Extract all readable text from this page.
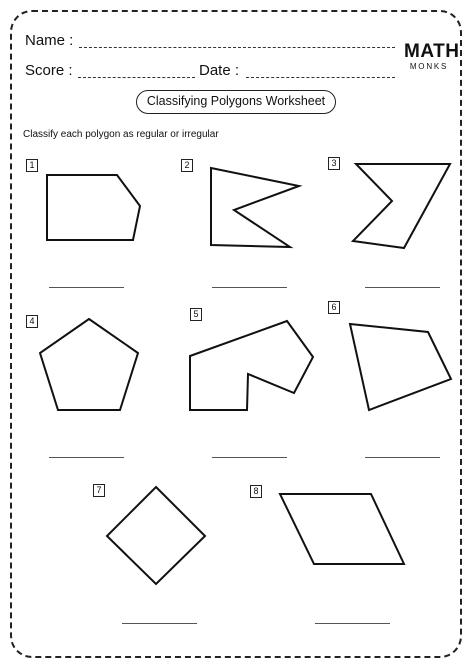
Name :
Score :	Date :
MATH
MONKS
Classifying Polygons Worksheet
Classify each polygon as regular or irregular
1	2	3
4
5
6
7	8
